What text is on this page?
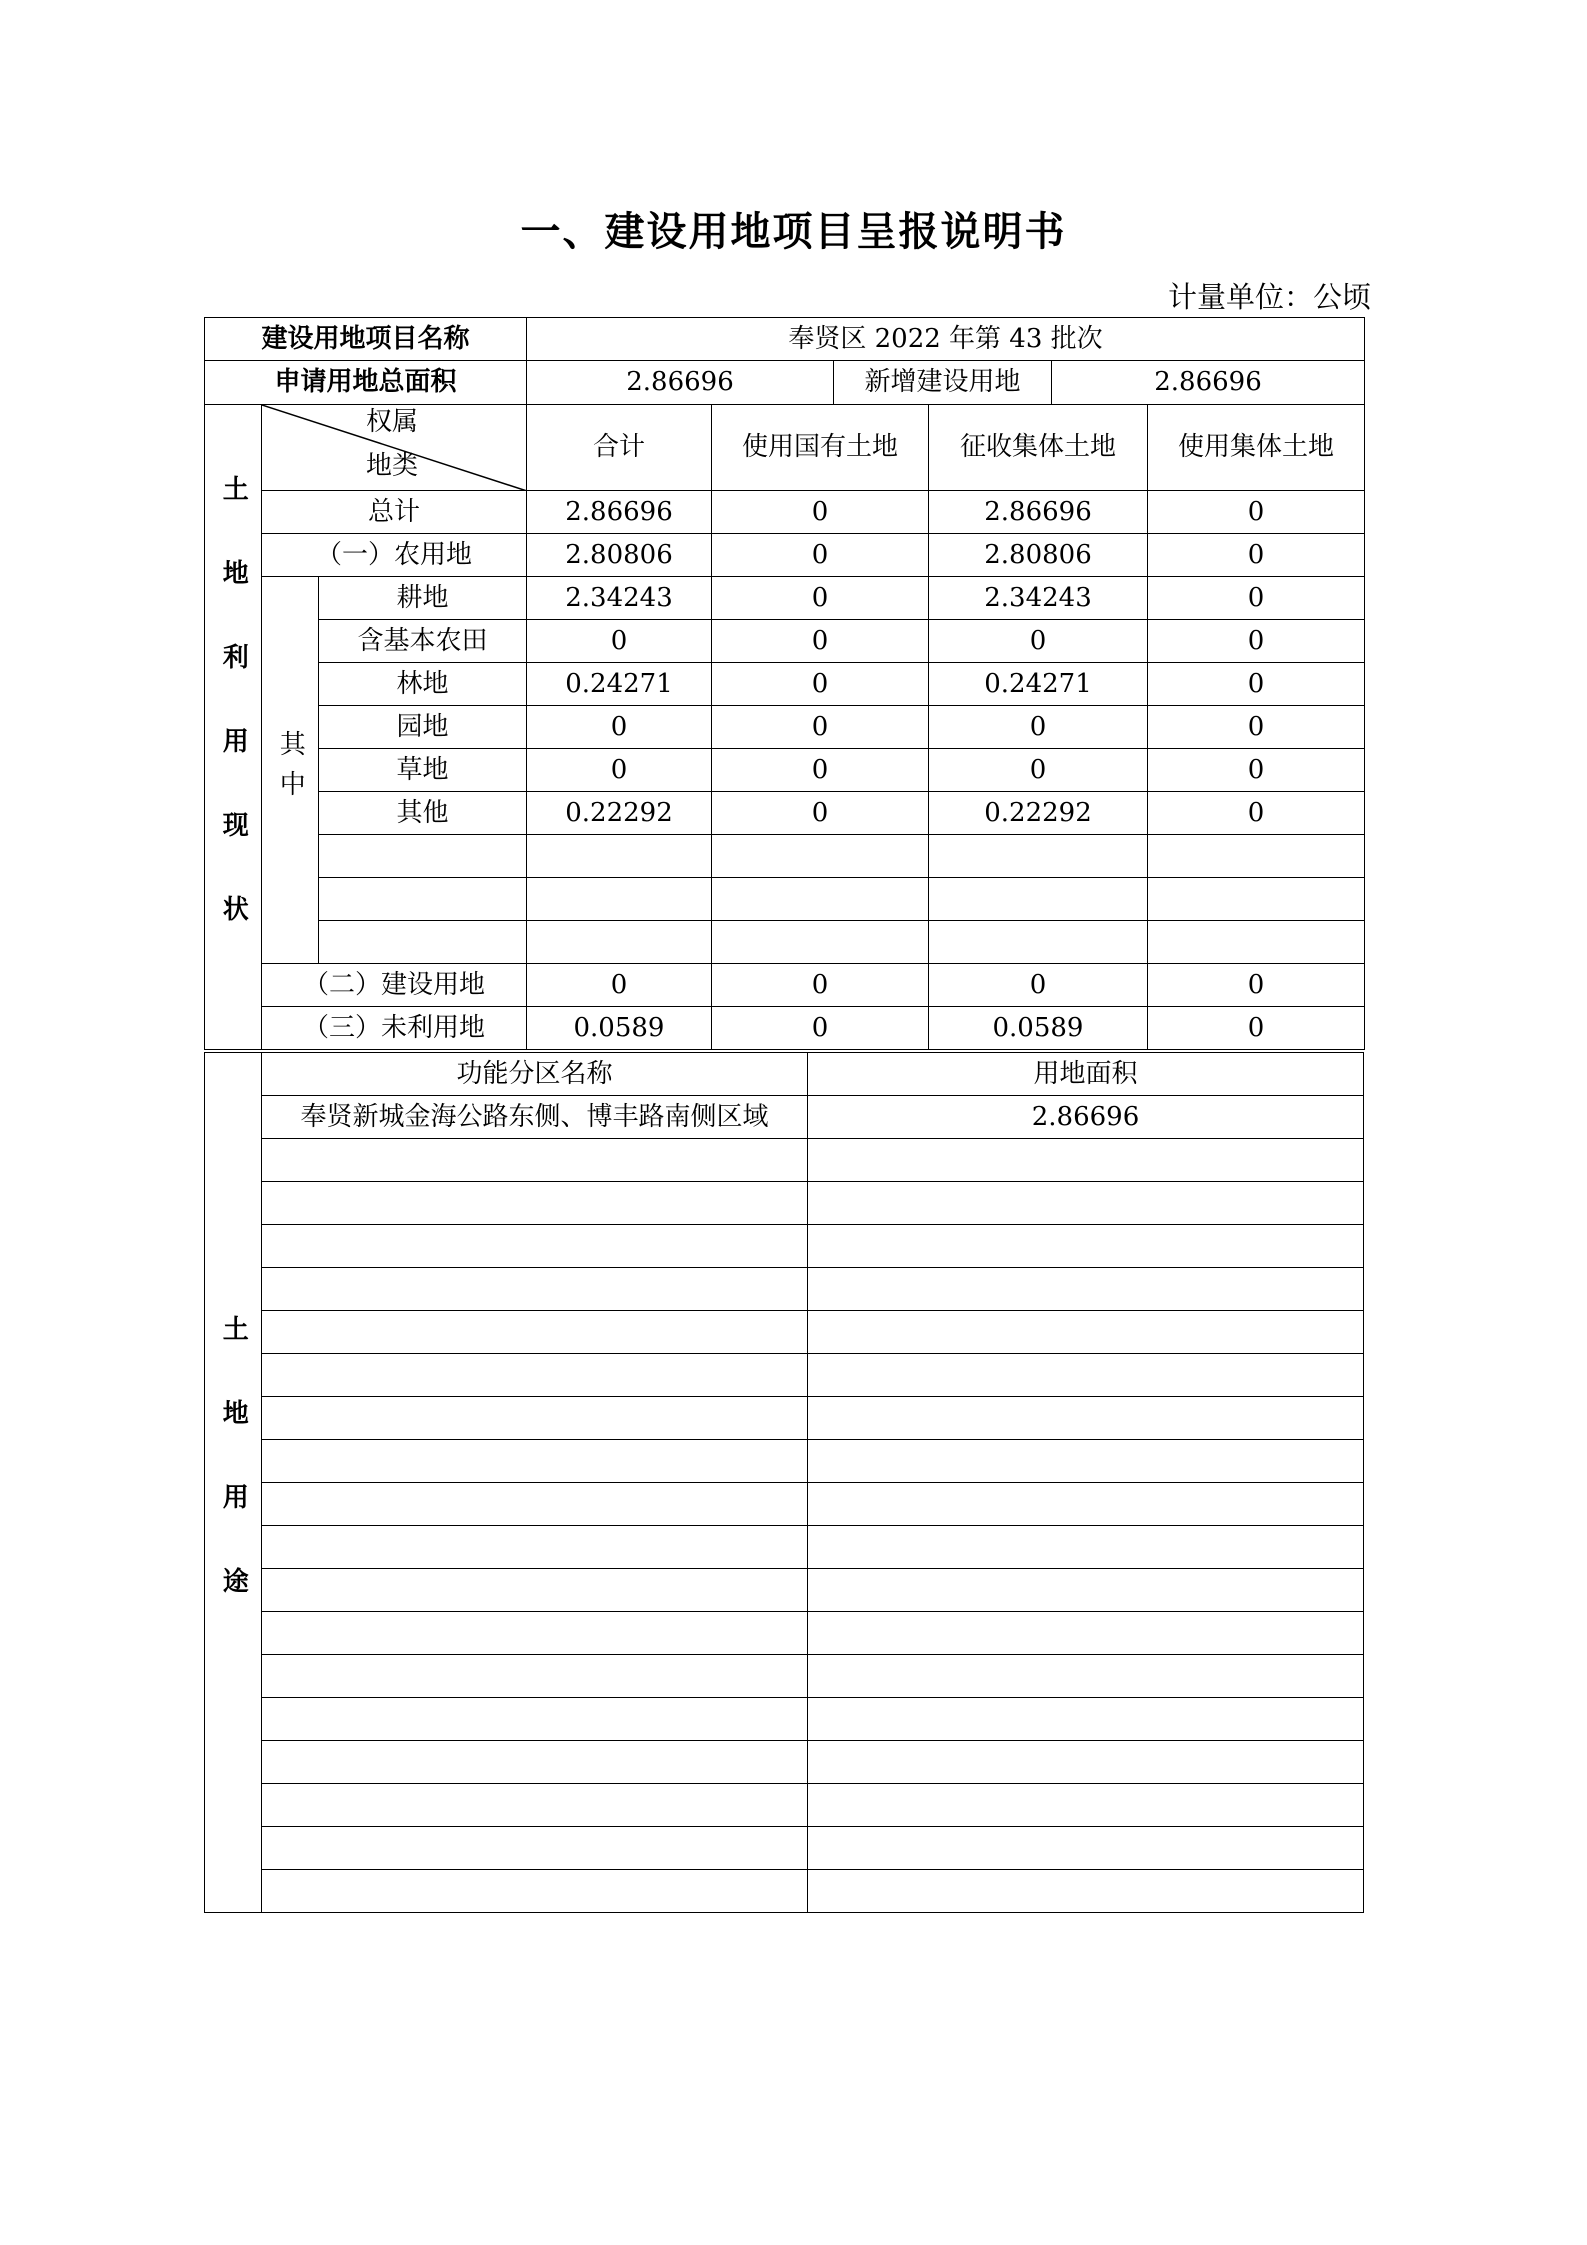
一、建设用地项目呈报说明书
计量单位：公顷
建设用地项目名称			奉贤区 2022 年第 43 批次			
申请用地总面积			2.86696 新增建设用地 2.86696			

土地利用现状	权属
地类		合计	使用国有土地	征收集体土地	使用集体土地
	总计		2.86696	0	2.86696	0
	（一）农用地		2.80806	0	2.80806	0

	其中	耕地	2.34243	0	2.34243	0
		含基本农田	0	0	0	0
		林地	0.24271	0	0.24271	0
		园地	0	0	0	0
		草地	0	0	0	0
		其他	0.22292	0	0.22292	0

	（二）建设用地		0	0	0	0
	（三）未利用地		0.0589	0	0.0589	0
土地用途	功能分区名称	用地面积
	奉贤新城金海公路东侧、博丰路南侧区域	2.86696
